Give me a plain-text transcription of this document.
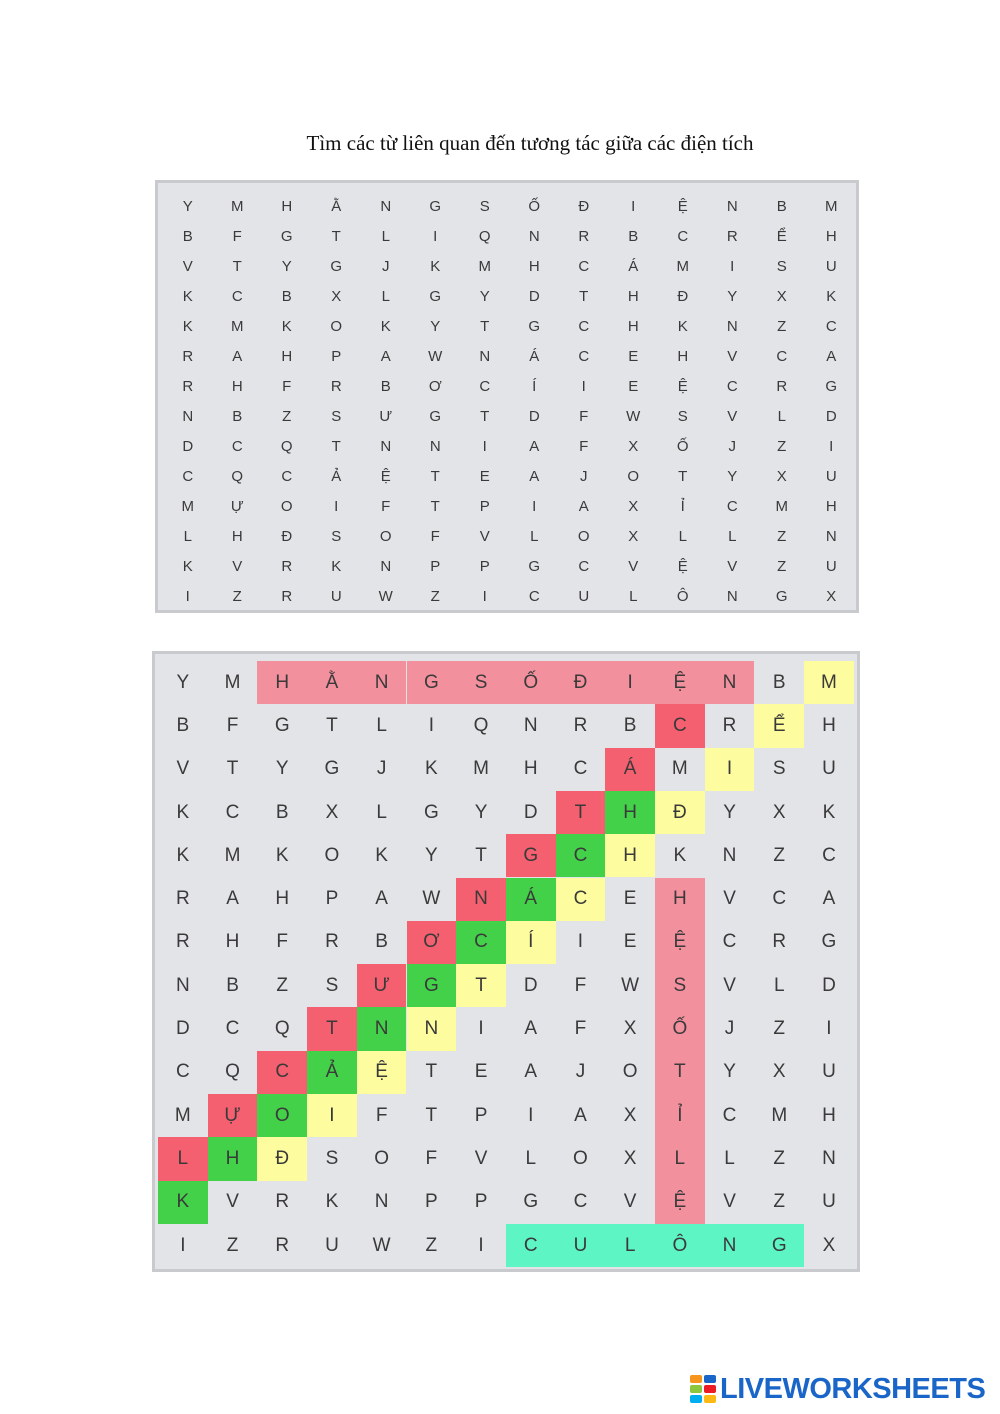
Tìm các từ liên quan đến tương tác giữa các điện tích
Y	M	H	Ằ	N	G	S	Ố	Đ	I	Ệ	N	B	M
B	F	G	T	L	I	Q	N	R	B	C	R	Ể	H
V	T	Y	G	J	K	M	H	C	Á	M	I	S	U
K	C	B	X	L	G	Y	D	T	H	Đ	Y	X	K
K	M	K	O	K	Y	T	G	C	H	K	N	Z	C
R	A	H	P	A	W	N	Á	C	E	H	V	C	A
R	H	F	R	B	Ơ	C	Í	I	E	Ệ	C	R	G
N	B	Z	S	Ư	G	T	D	F	W	S	V	L	D
D	C	Q	T	N	N	I	A	F	X	Ố	J	Z	I
C	Q	C	Ả	Ệ	T	E	A	J	O	T	Y	X	U
M	Ự	O	I	F	T	P	I	A	X	Ỉ	C	M	H
L	H	Đ	S	O	F	V	L	O	X	L	L	Z	N
K	V	R	K	N	P	P	G	C	V	Ệ	V	Z	U
I	Z	R	U	W	Z	I	C	U	L	Ô	N	G	X
Y	M	H	Ằ	N	G	S	Ố	Đ	I	Ệ	N	B	M
B	F	G	T	L	I	Q	N	R	B	C	R	Ể	H
V	T	Y	G	J	K	M	H	C	Á	M	I	S	U
K	C	B	X	L	G	Y	D	T	H	Đ	Y	X	K
K	M	K	O	K	Y	T	G	C	H	K	N	Z	C
R	A	H	P	A	W	N	Á	C	E	H	V	C	A
R	H	F	R	B	Ơ	C	Í	I	E	Ệ	C	R	G
N	B	Z	S	Ư	G	T	D	F	W	S	V	L	D
D	C	Q	T	N	N	I	A	F	X	Ố	J	Z	I
C	Q	C	Ả	Ệ	T	E	A	J	O	T	Y	X	U
M	Ự	O	I	F	T	P	I	A	X	Ỉ	C	M	H
L	H	Đ	S	O	F	V	L	O	X	L	L	Z	N
K	V	R	K	N	P	P	G	C	V	Ệ	V	Z	U
I	Z	R	U	W	Z	I	C	U	L	Ô	N	G	X
LIVEWORKSHEETS
